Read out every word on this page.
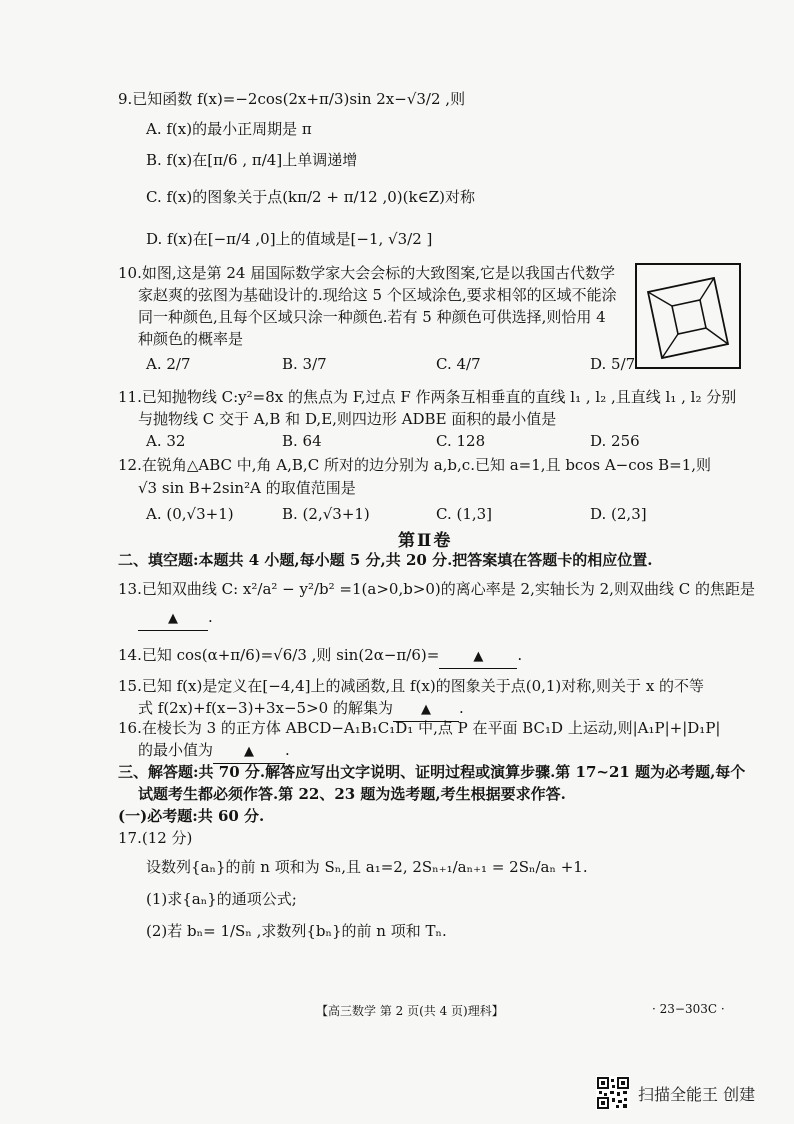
9.已知函数 f(x)=−2cos(2x+π/3)sin 2x−√3/2 ,则
A. f(x)的最小正周期是 π
B. f(x)在[π/6 , π/4]上单调递增
C. f(x)的图象关于点(kπ/2 + π/12 ,0)(k∈Z)对称
D. f(x)在[−π/4 ,0]上的值域是[−1, √3/2 ]
10.如图,这是第 24 届国际数学家大会会标的大致图案,它是以我国古代数学
家赵爽的弦图为基础设计的.现给这 5 个区域涂色,要求相邻的区域不能涂
同一种颜色,且每个区域只涂一种颜色.若有 5 种颜色可供选择,则恰用 4
种颜色的概率是
A. 2/7	B. 3/7	C. 4/7	D. 5/7
11.已知抛物线 C:y²=8x 的焦点为 F,过点 F 作两条互相垂直的直线 l₁ , l₂ ,且直线 l₁ , l₂ 分别
与抛物线 C 交于 A,B 和 D,E,则四边形 ADBE 面积的最小值是
A. 32	B. 64	C. 128	D. 256
12.在锐角△ABC 中,角 A,B,C 所对的边分别为 a,b,c.已知 a=1,且 bcos A−cos B=1,则
√3 sin B+2sin²A 的取值范围是
A. (0,√3+1)	B. (2,√3+1)	C. (1,3]	D. (2,3]
第Ⅱ卷
二、填空题:本题共 4 小题,每小题 5 分,共 20 分.把答案填在答题卡的相应位置.
13.已知双曲线 C: x²/a² − y²/b² =1(a>0,b>0)的离心率是 2,实轴长为 2,则双曲线 C 的焦距是
▲ .
14.已知 cos(α+π/6)=√6/3 ,则 sin(2α−π/6)=	▲ .
15.已知 f(x)是定义在[−4,4]上的减函数,且 f(x)的图象关于点(0,1)对称,则关于 x 的不等
式 f(2x)+f(x−3)+3x−5>0 的解集为 ▲ .
16.在棱长为 3 的正方体 ABCD−A₁B₁C₁D₁ 中,点 P 在平面 BC₁D 上运动,则|A₁P|+|D₁P|
的最小值为 ▲ .
三、解答题:共 70 分.解答应写出文字说明、证明过程或演算步骤.第 17~21 题为必考题,每个
试题考生都必须作答.第 22、23 题为选考题,考生根据要求作答.
(一)必考题:共 60 分.
17.(12 分)
设数列{aₙ}的前 n 项和为 Sₙ,且 a₁=2, 2Sₙ₊₁/aₙ₊₁ = 2Sₙ/aₙ +1.
(1)求{aₙ}的通项公式;
(2)若 bₙ= 1/Sₙ ,求数列{bₙ}的前 n 项和 Tₙ.
【高三数学 第 2 页(共 4 页)理科】	· 23−303C ·
扫描全能王 创建
